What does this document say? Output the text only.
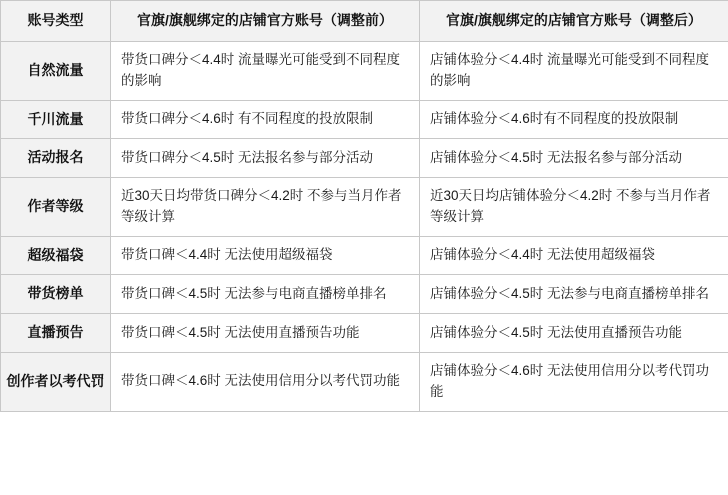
账号类型	官旗/旗舰绑定的店铺官方账号（调整前）	官旗/旗舰绑定的店铺官方账号（调整后）
自然流量	带货口碑分＜4.4时 流量曝光可能受到不同程度的影响	店铺体验分＜4.4时 流量曝光可能受到不同程度的影响
千川流量	带货口碑分＜4.6时 有不同程度的投放限制	店铺体验分＜4.6时有不同程度的投放限制
活动报名	带货口碑分＜4.5时 无法报名参与部分活动	店铺体验分＜4.5时 无法报名参与部分活动
作者等级	近30天日均带货口碑分＜4.2时 不参与当月作者等级计算	近30天日均店铺体验分＜4.2时 不参与当月作者等级计算
超级福袋	带货口碑＜4.4时 无法使用超级福袋	店铺体验分＜4.4时 无法使用超级福袋
带货榜单	带货口碑＜4.5时 无法参与电商直播榜单排名	店铺体验分＜4.5时 无法参与电商直播榜单排名
直播预告	带货口碑＜4.5时 无法使用直播预告功能	店铺体验分＜4.5时 无法使用直播预告功能
创作者以考代罚	带货口碑＜4.6时 无法使用信用分以考代罚功能	店铺体验分＜4.6时 无法使用信用分以考代罚功能
